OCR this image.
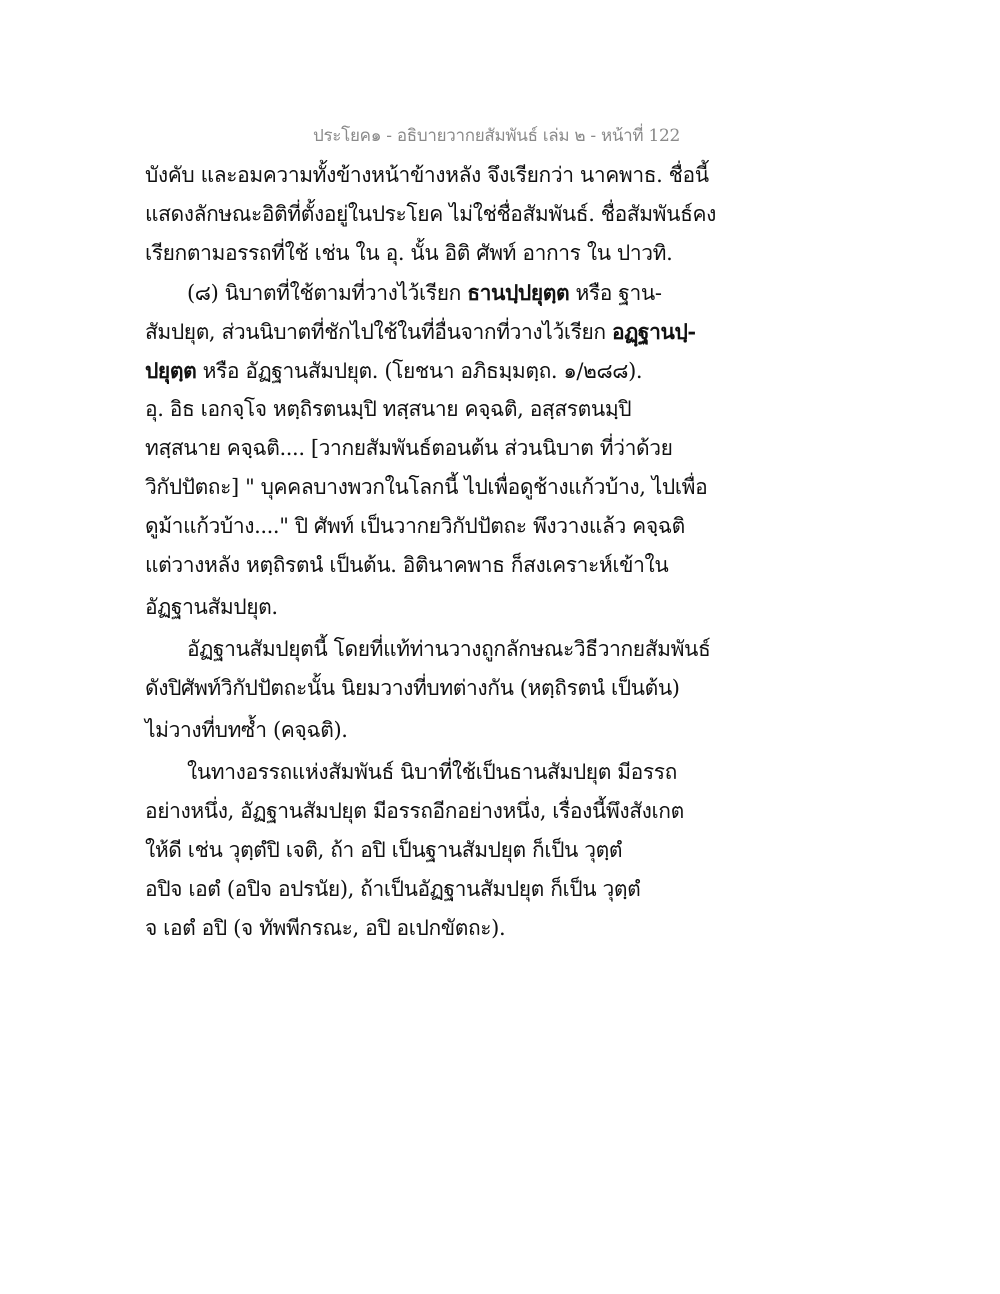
ประโยค๑ - อธิบายวากยสัมพันธ์ เล่ม ๒ - หน้าที่ 122
บังคับ และอมความทั้งข้างหน้าข้างหลัง จึงเรียกว่า นาคพาธ. ชื่อนี้
แสดงลักษณะอิติที่ตั้งอยู่ในประโยค ไม่ใช่ชื่อสัมพันธ์. ชื่อสัมพันธ์คง
เรียกตามอรรถที่ใช้ เช่น ใน อุ. นั้น อิติ ศัพท์ อาการ ใน ปาวทิ.
(๘) นิบาตที่ใช้ตามที่วางไว้เรียก ธานปฺปยุตฺต หรือ ฐาน-
สัมปยุต, ส่วนนิบาตที่ชักไปใช้ในที่อื่นจากที่วางไว้เรียก อฏฺฐานปฺ-
ปยุตฺต หรือ อัฏฐานสัมปยุต. (โยชนา อภิธมฺมตฺถ. ๑/๒๘๘).
อุ. อิธ เอกจฺโจ หตฺถิรตนมฺปิ ทสฺสนาย คจฺฉติ, อสฺสรตนมฺปิ
ทสฺสนาย คจฺฉติ.... [วากยสัมพันธ์ตอนต้น ส่วนนิบาต ที่ว่าด้วย
วิกัปปัตถะ] " บุคคลบางพวกในโลกนี้ ไปเพื่อดูช้างแก้วบ้าง, ไปเพื่อ
ดูม้าแก้วบ้าง...." ปิ ศัพท์ เป็นวากยวิกัปปัตถะ พึงวางแล้ว คจฺฉติ
แต่วางหลัง หตฺถิรตนํ เป็นต้น. อิตินาคพาธ ก็สงเคราะห์เข้าใน
อัฏฐานสัมปยุต.
อัฏฐานสัมปยุตนี้ โดยที่แท้ท่านวางถูกลักษณะวิธีวากยสัมพันธ์
ดังปิศัพท์วิกัปปัตถะนั้น นิยมวางที่บทต่างกัน (หตฺถิรตนํ เป็นต้น)
ไม่วางที่บทซ้ำ (คจฺฉติ).
ในทางอรรถแห่งสัมพันธ์ นิบาที่ใช้เป็นธานสัมปยุต มีอรรถ
อย่างหนึ่ง, อัฏฐานสัมปยุต มีอรรถอีกอย่างหนึ่ง, เรื่องนี้พึงสังเกต
ให้ดี เช่น วุตฺตํปิ เจติ, ถ้า อปิ เป็นฐานสัมปยุต ก็เป็น วุตฺตํ
อปิจ เอตํ (อปิจ อปรนัย), ถ้าเป็นอัฏฐานสัมปยุต ก็เป็น วุตฺตํ
จ เอตํ อปิ (จ ทัพพีกรณะ, อปิ อเปกขัตถะ).
